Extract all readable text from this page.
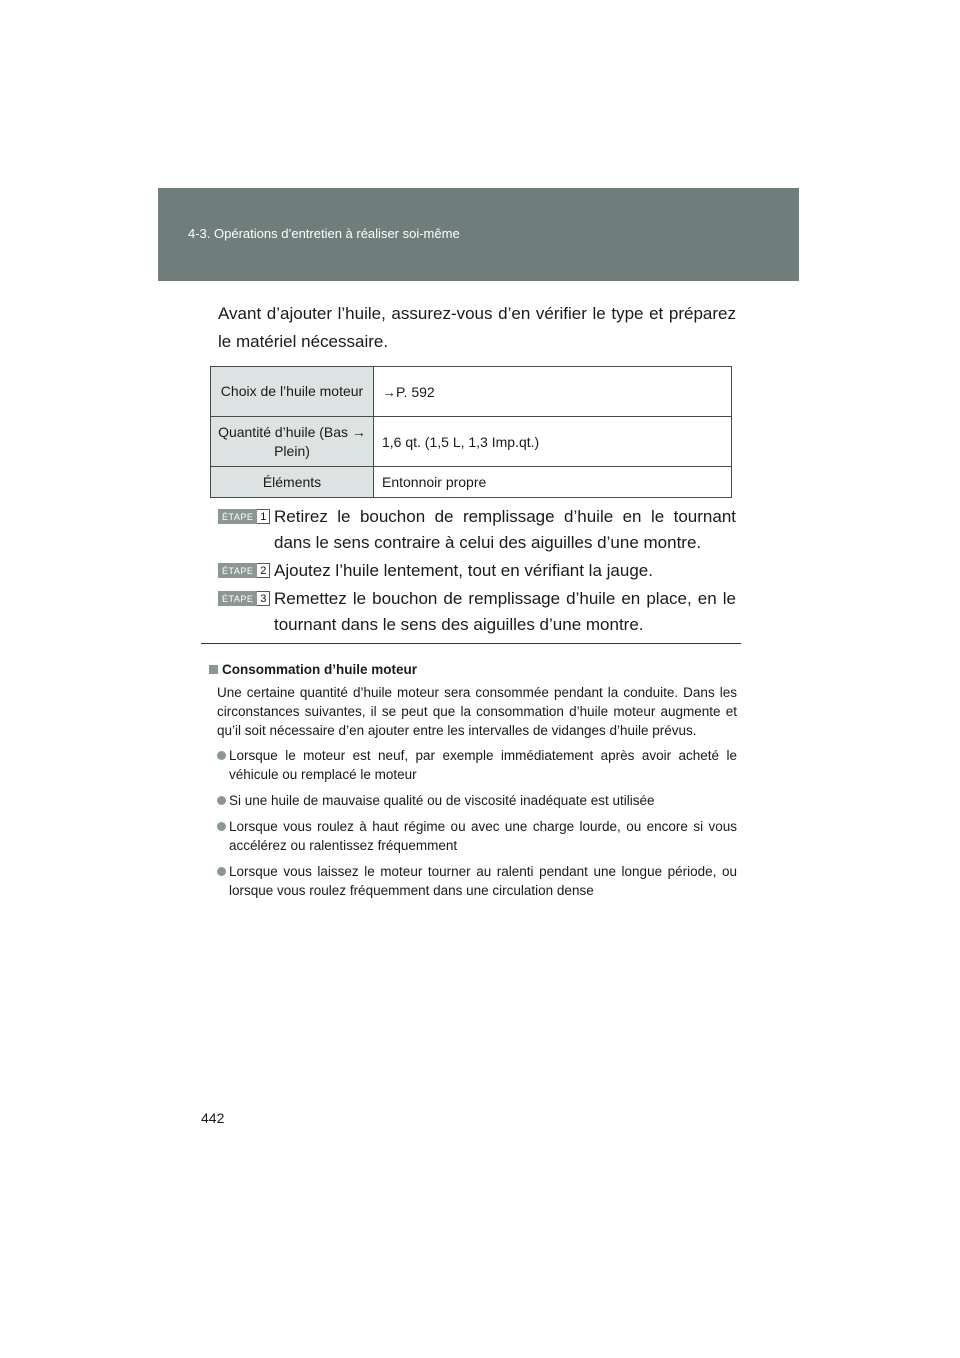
4-3. Opérations d’entretien à réaliser soi-même
Avant d’ajouter l’huile, assurez-vous d’en vérifier le type et préparez le matériel nécessaire.
Choix de l’huile moteur	→P. 592
Quantité d’huile (Bas → Plein)	1,6 qt. (1,5 L, 1,3 Imp.qt.)
Éléments	Entonnoir propre
ÉTAPE 1 Retirez le bouchon de remplissage d’huile en le tournant dans le sens contraire à celui des aiguilles d’une montre.
ÉTAPE 2 Ajoutez l’huile lentement, tout en vérifiant la jauge.
ÉTAPE 3 Remettez le bouchon de remplissage d’huile en place, en le tournant dans le sens des aiguilles d’une montre.
Consommation d’huile moteur
Une certaine quantité d’huile moteur sera consommée pendant la conduite. Dans les circonstances suivantes, il se peut que la consommation d’huile moteur augmente et qu’il soit nécessaire d’en ajouter entre les intervalles de vidanges d’huile prévus.
Lorsque le moteur est neuf, par exemple immédiatement après avoir acheté le véhicule ou remplacé le moteur
Si une huile de mauvaise qualité ou de viscosité inadéquate est utilisée
Lorsque vous roulez à haut régime ou avec une charge lourde, ou encore si vous accélérez ou ralentissez fréquemment
Lorsque vous laissez le moteur tourner au ralenti pendant une longue période, ou lorsque vous roulez fréquemment dans une circulation dense
442
